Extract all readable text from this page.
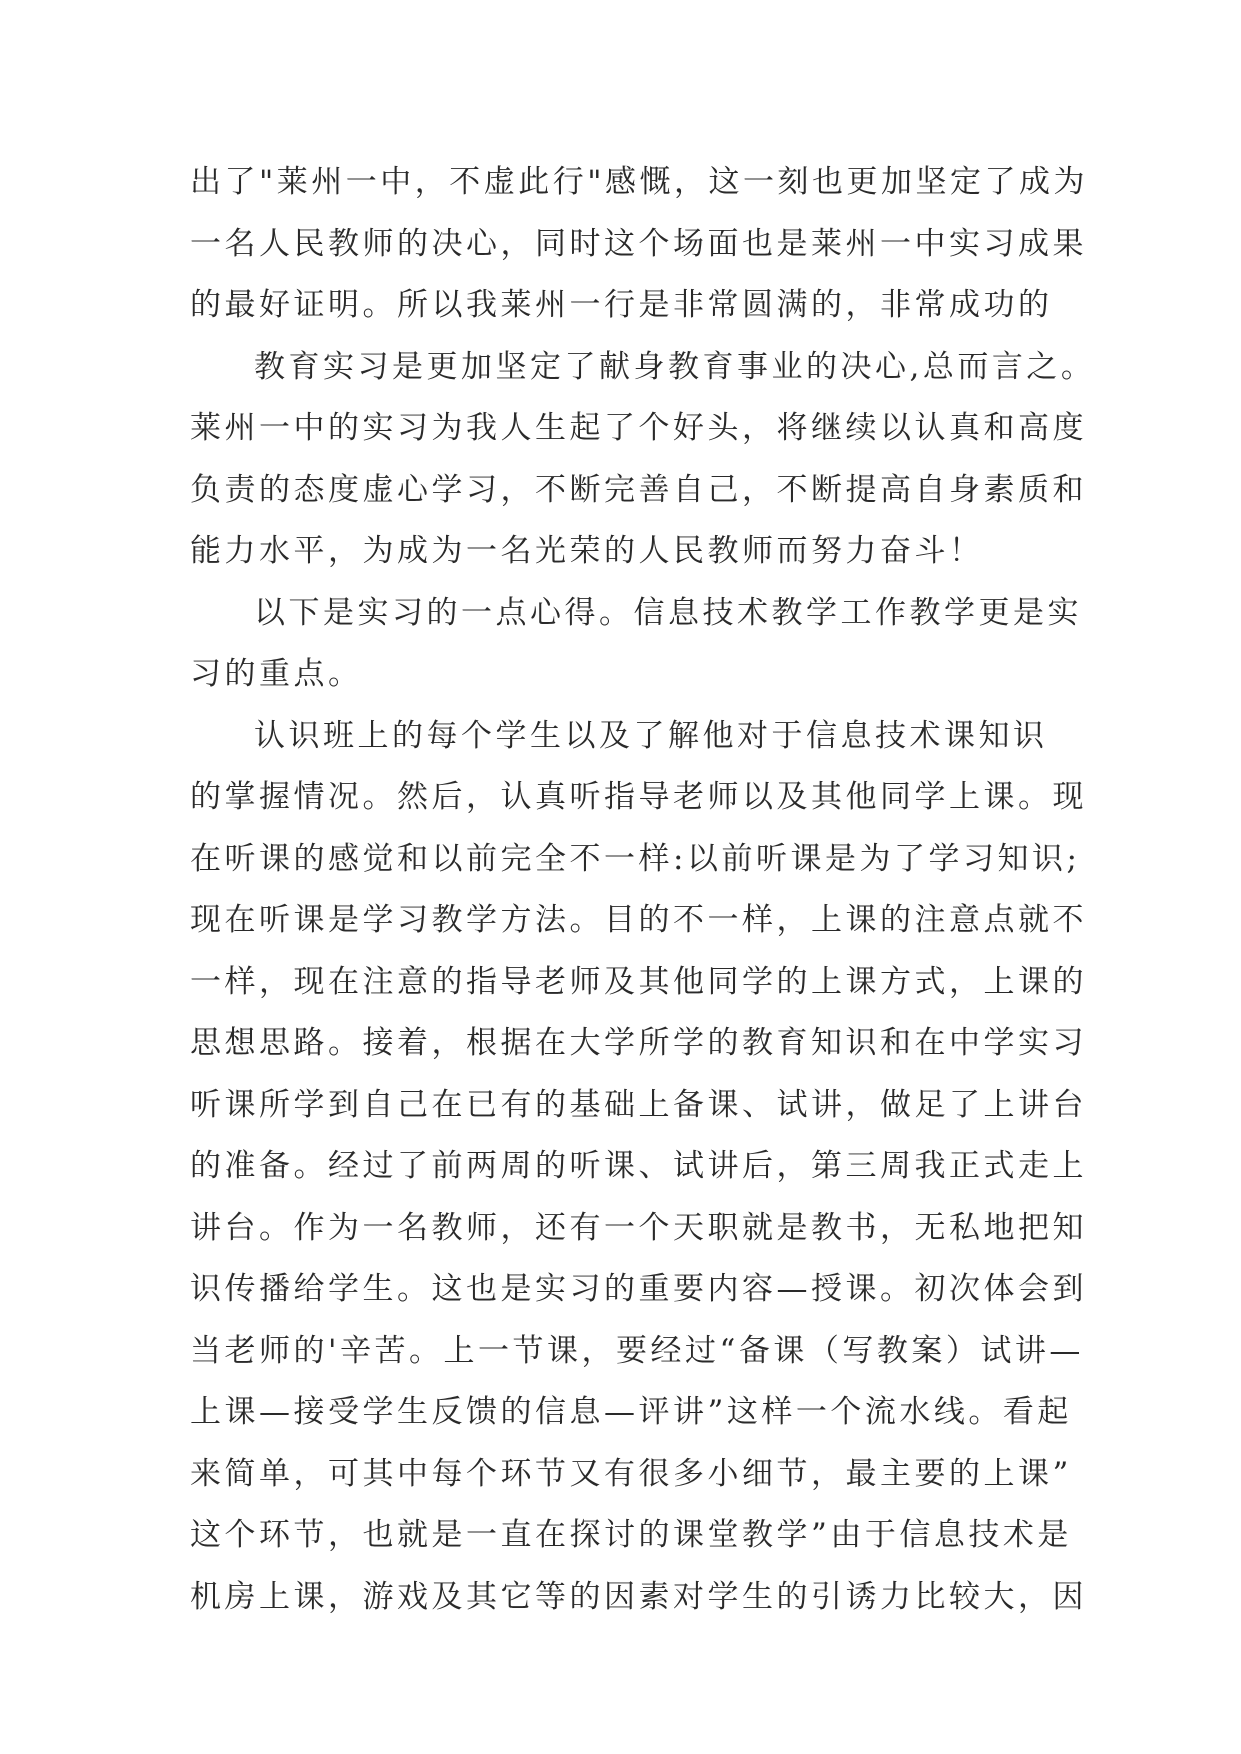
出了"莱州一中，不虚此行"感慨，这一刻也更加坚定了成为
一名人民教师的决心，同时这个场面也是莱州一中实习成果
的最好证明。所以我莱州一行是非常圆满的，非常成功的
教育实习是更加坚定了献身教育事业的决心,总而言之。
莱州一中的实习为我人生起了个好头，将继续以认真和高度
负责的态度虚心学习，不断完善自己，不断提高自身素质和
能力水平，为成为一名光荣的人民教师而努力奋斗！
以下是实习的一点心得。信息技术教学工作教学更是实
习的重点。
认识班上的每个学生以及了解他对于信息技术课知识
的掌握情况。然后，认真听指导老师以及其他同学上课。现
在听课的感觉和以前完全不一样:以前听课是为了学习知识;
现在听课是学习教学方法。目的不一样，上课的注意点就不
一样，现在注意的指导老师及其他同学的上课方式，上课的
思想思路。接着，根据在大学所学的教育知识和在中学实习
听课所学到自己在已有的基础上备课、试讲，做足了上讲台
的准备。经过了前两周的听课、试讲后，第三周我正式走上
讲台。作为一名教师，还有一个天职就是教书，无私地把知
识传播给学生。这也是实习的重要内容—授课。初次体会到
当老师的'辛苦。上一节课，要经过“备课（写教案）试讲—
上课—接受学生反馈的信息—评讲”这样一个流水线。看起
来简单，可其中每个环节又有很多小细节，最主要的上课”
这个环节，也就是一直在探讨的课堂教学”由于信息技术是
机房上课，游戏及其它等的因素对学生的引诱力比较大，因
